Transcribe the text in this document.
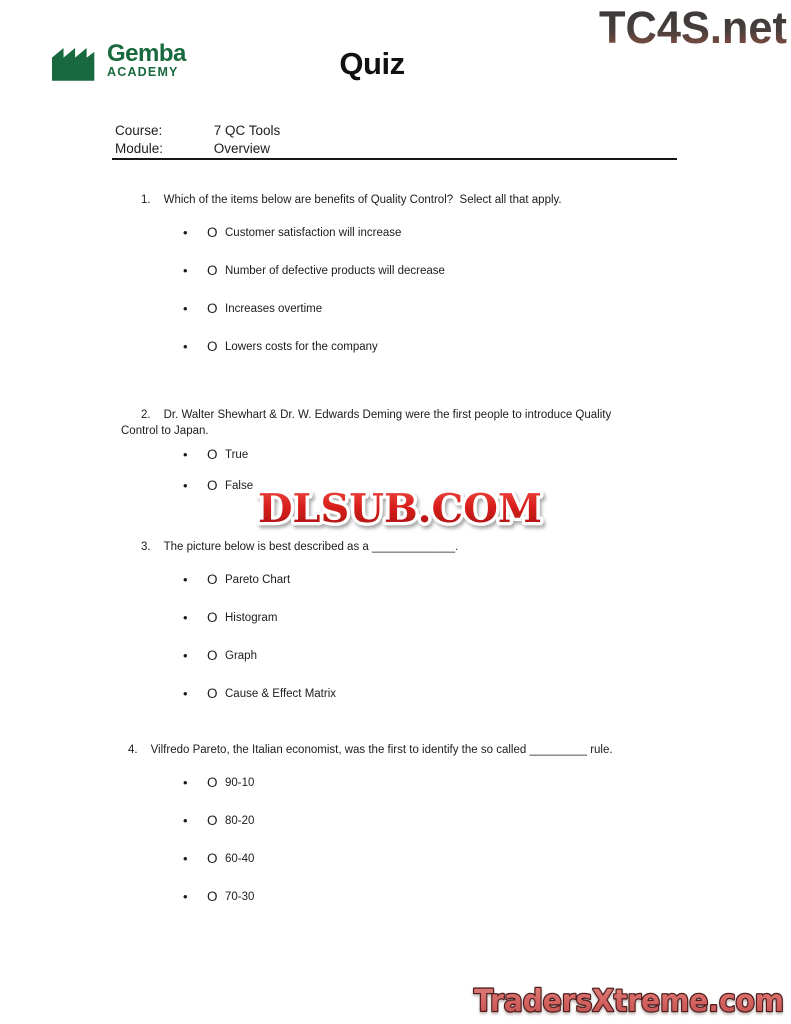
Gemba
ACADEMY	Quiz
TC4S.net
Course:	7 QC Tools
Module:	Overview

1. Which of the items below are benefits of Quality Control?  Select all that apply.

• O Customer satisfaction will increase
• O Number of defective products will decrease
• O Increases overtime
• O Lowers costs for the company

2. Dr. Walter Shewhart & Dr. W. Edwards Deming were the first people to introduce Quality
Control to Japan.

• O True
• O False

3. The picture below is best described as a _____________.

• O Pareto Chart
• O Histogram
• O Graph
• O Cause & Effect Matrix

4. Vilfredo Pareto, the Italian economist, was the first to identify the so called _________ rule.

• O 90-10
• O 80-20
• O 60-40
• O 70-30
DLSUB.COM
TradersXtreme.com
